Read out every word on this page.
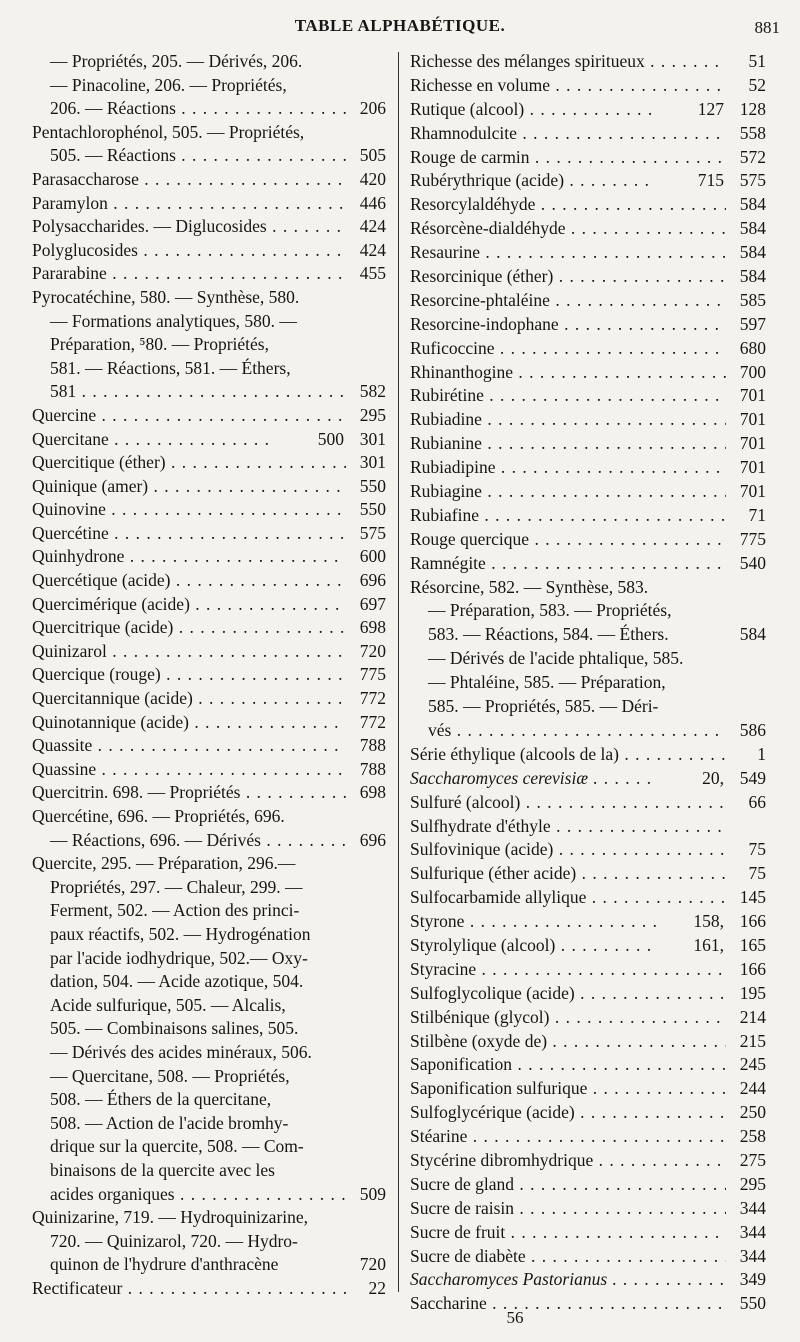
TABLE ALPHABÉTIQUE.	881
— Propriétés, 205. — Dérivés, 206.
— Pinacoline, 206. — Propriétés,
206. — Réactions . . .	206
Pentachlorophénol, 505. — Propriétés,
505. — Réactions . . .	505
Parasaccharose . . .	420
Paramylon . . .	446
Polysaccharides. — Diglucosides . . .	424
Polyglucosides . . .	424
Pararabine . . .	455
Pyrocatéchine, 580. — Synthèse, 580.
— Formations analytiques, 580. —
Préparation, ⁵80. — Propriétés,
581. — Réactions, 581. — Éthers,
581 . . .	582
Quercine . . .	295
Quercitane . . .	500 301
Quercitique (éther) . . .	301
Quinique (amer) . . .	550
Quinovine . . .	550
Quercétine . . .	575
Quinhydrone . . .	600
Quercétique (acide) . . .	696
Quercimérique (acide) . . .	697
Quercitrique (acide) . . .	698
Quinizarol . . .	720
Quercique (rouge) . . .	775
Quercitannique (acide) . . .	772
Quinotannique (acide) . . .	772
Quassite . . .	788
Quassine . . .	788
Quercitrin. 698. — Propriétés . . .	698
Quercétine, 696. — Propriétés, 696.
— Réactions, 696. — Dérivés . . .	696
Quercite, 295. — Préparation, 296.—
Propriétés, 297. — Chaleur, 299. —
Ferment, 502. — Action des princi-
paux réactifs, 502. — Hydrogénation
par l'acide iodhydrique, 502.— Oxy-
dation, 504. — Acide azotique, 504.
Acide sulfurique, 505. — Alcalis,
505. — Combinaisons salines, 505.
— Dérivés des acides minéraux, 506.
— Quercitane, 508. — Propriétés,
508. — Éthers de la quercitane,
508. — Action de l'acide bromhy-
drique sur la quercite, 508. — Com-
binaisons de la quercite avec les
acides organiques . . .	509
Quinizarine, 719. — Hydroquinizarine,
720. — Quinizarol, 720. — Hydro-
quinon de l'hydrure d'anthracène	720
Rectificateur . . .	22
Richesse des mélanges spiritueux . . .	51
Richesse en volume . . .	52
Rutique (alcool) . . .	127 128
Rhamnodulcite . . .	558
Rouge de carmin . . .	572
Rubérythrique (acide) . . .	715 575
Resorcylaldéhyde . . .	584
Résorcène-dialdéhyde . . .	584
Resaurine . . .	584
Resorcinique (éther) . . .	584
Resorcine-phtaléine . . .	585
Resorcine-indophane . . .	597
Ruficoccine . . .	680
Rhinanthogine . . .	700
Rubirétine . . .	701
Rubiadine . . .	701
Rubianine . . .	701
Rubiadipine . . .	701
Rubiagine . . .	701
Rubiafine . . .	71
Rouge quercique . . .	775
Ramnégite . . .	540
Résorcine, 582. — Synthèse, 583.
— Préparation, 583. — Propriétés,
583. — Réactions, 584. — Éthers.	584
— Dérivés de l'acide phtalique, 585.
— Phtaléine, 585. — Préparation,
585. — Propriétés, 585. — Déri-
vés . . .	586
Série éthylique (alcools de la) . . .	1
Saccharomyces cerevisiæ . . .	20, 549
Sulfuré (alcool) . . .	66
Sulfhydrate d'éthyle . . .
Sulfovinique (acide) . . .	75
Sulfurique (éther acide) . . .	75
Sulfocarbamide allylique . . .	145
Styrone . . .	158, 166
Styrolylique (alcool) . . .	161, 165
Styracine . . .	166
Sulfoglycolique (acide) . . .	195
Stilbénique (glycol) . . .	214
Stilbène (oxyde de) . . .	215
Saponification . . .	245
Saponification sulfurique . . .	244
Sulfoglycérique (acide) . . .	250
Stéarine . . .	258
Stycérine dibromhydrique . . .	275
Sucre de gland . . .	295
Sucre de raisin . . .	344
Sucre de fruit . . .	344
Sucre de diabète . . .	344
Saccharomyces Pastorianus . . .	349
Saccharine . . .	550
56
